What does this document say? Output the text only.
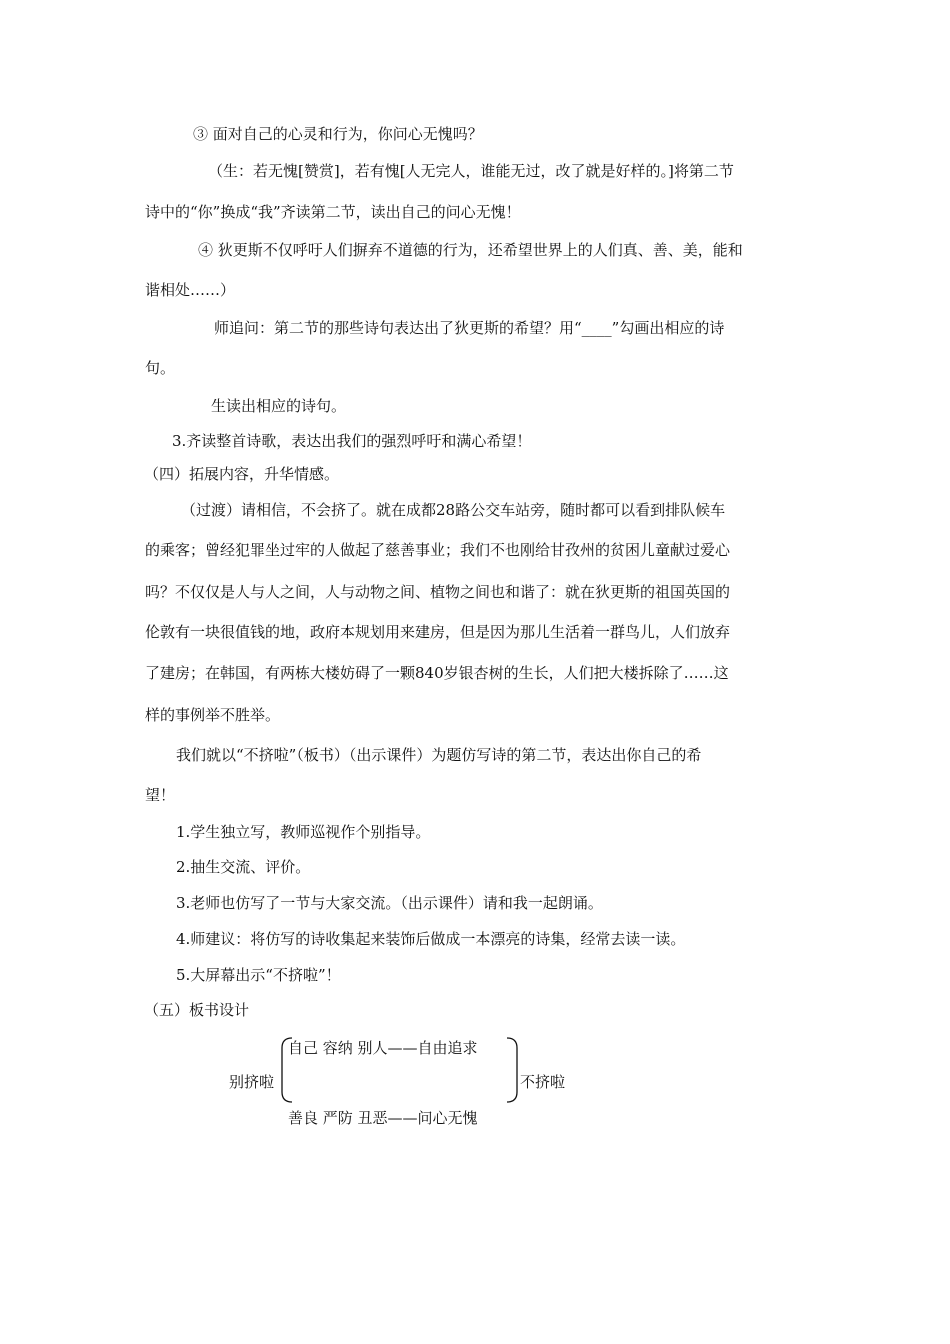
③ 面对自己的心灵和行为，你问心无愧吗？
（生：若无愧[赞赏]，若有愧[人无完人，谁能无过，改了就是好样的。]将第二节
诗中的“你”换成“我”齐读第二节，读出自己的问心无愧！
④ 狄更斯不仅呼吁人们摒弃不道德的行为，还希望世界上的人们真、善、美，能和
谐相处……）
师追问：第二节的那些诗句表达出了狄更斯的希望？用“____”勾画出相应的诗
句。
生读出相应的诗句。
3.齐读整首诗歌，表达出我们的强烈呼吁和满心希望！
（四）拓展内容，升华情感。
（过渡）请相信，不会挤了。就在成都28路公交车站旁，随时都可以看到排队候车
的乘客；曾经犯罪坐过牢的人做起了慈善事业；我们不也刚给甘孜州的贫困儿童献过爱心
吗？不仅仅是人与人之间，人与动物之间、植物之间也和谐了：就在狄更斯的祖国英国的
伦敦有一块很值钱的地，政府本规划用来建房，但是因为那儿生活着一群鸟儿，人们放弃
了建房；在韩国，有两栋大楼妨碍了一颗840岁银杏树的生长，人们把大楼拆除了……这
样的事例举不胜举。
我们就以“不挤啦”（板书）（出示课件）为题仿写诗的第二节，表达出你自己的希
望！
1.学生独立写，教师巡视作个别指导。
2.抽生交流、评价。
3.老师也仿写了一节与大家交流。（出示课件）请和我一起朗诵。
4.师建议：将仿写的诗收集起来装饰后做成一本漂亮的诗集，经常去读一读。
5.大屏幕出示“不挤啦”！
（五）板书设计
别挤啦
自己 容纳 别人——自由追求
善良 严防 丑恶——问心无愧
不挤啦
